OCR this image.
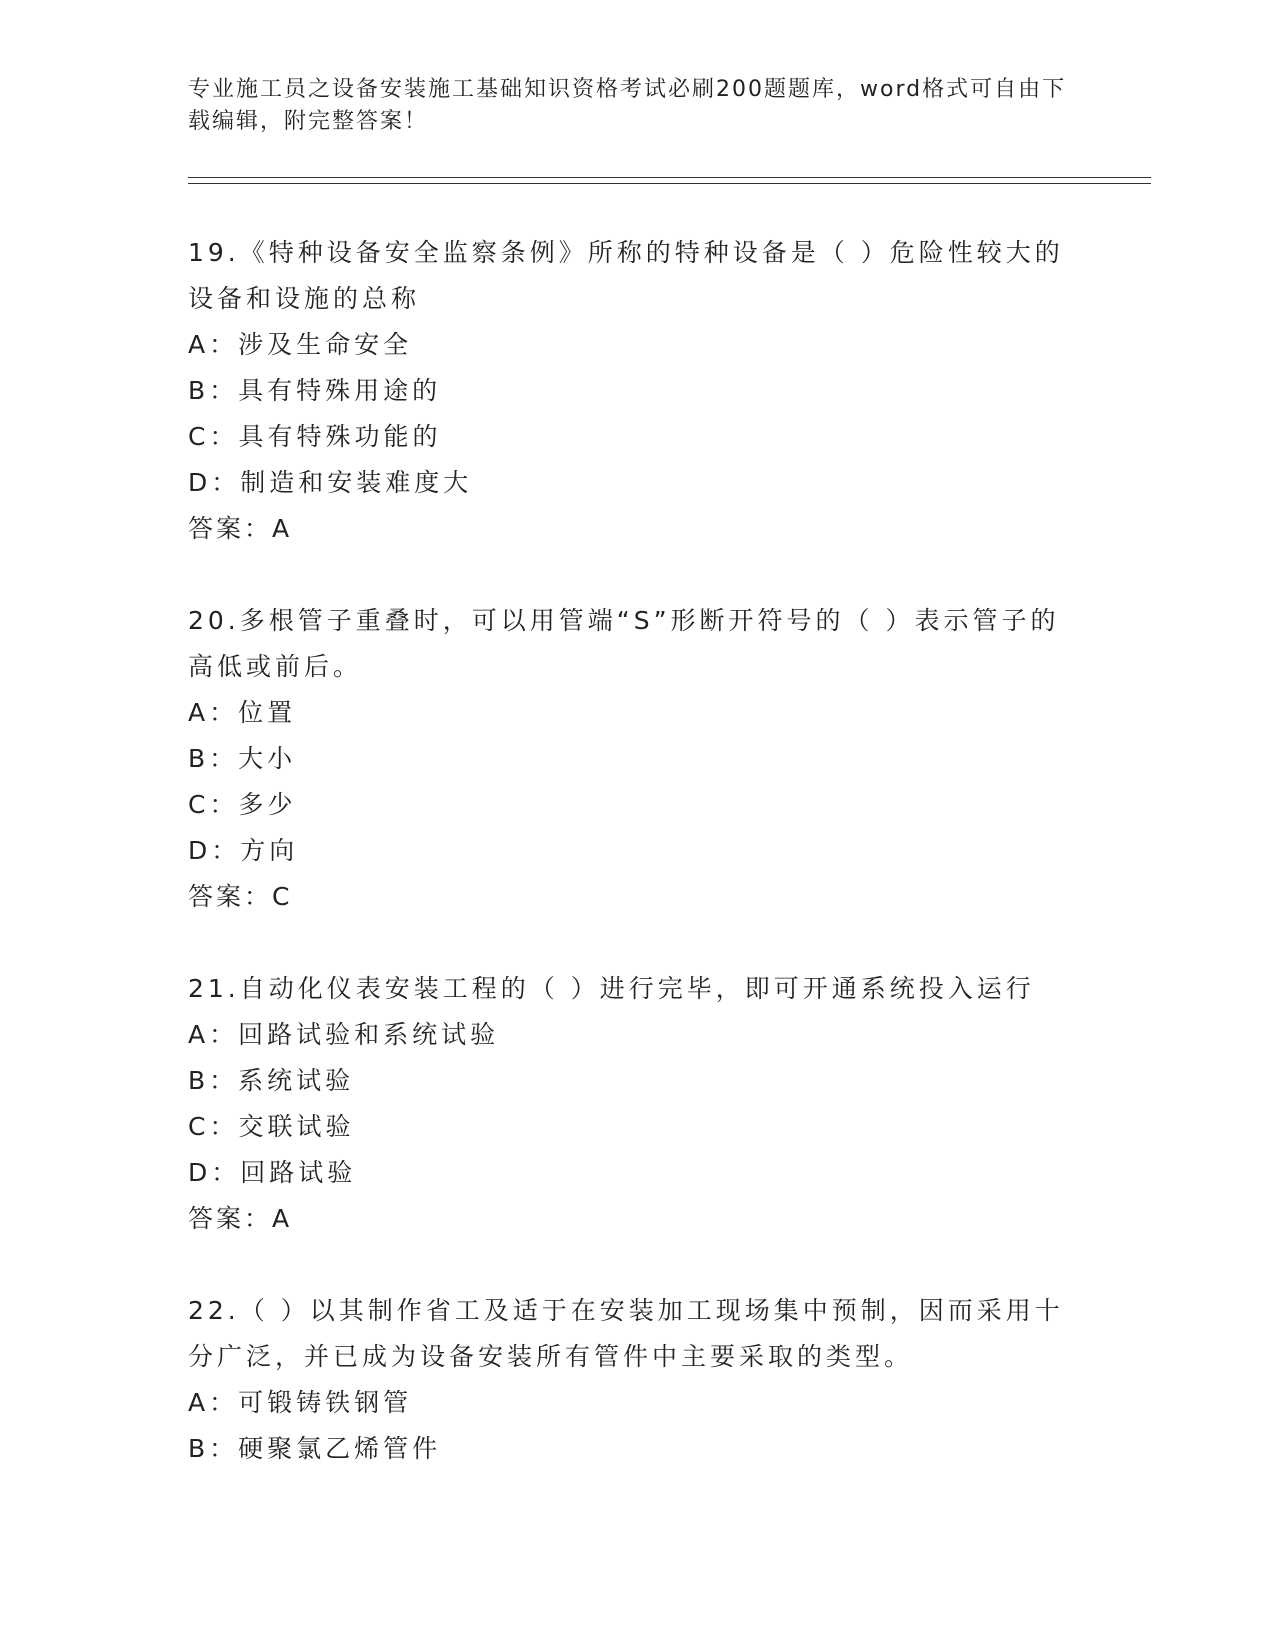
专业施工员之设备安装施工基础知识资格考试必刷200题题库，word格式可自由下载编辑，附完整答案！
19.《特种设备安全监察条例》所称的特种设备是（ ）危险性较大的设备和设施的总称
A：涉及生命安全
B：具有特殊用途的
C：具有特殊功能的
D：制造和安装难度大
答案：A
20.多根管子重叠时，可以用管端“S”形断开符号的（ ）表示管子的高低或前后。
A：位置
B：大小
C：多少
D：方向
答案：C
21.自动化仪表安装工程的（ ）进行完毕，即可开通系统投入运行
A：回路试验和系统试验
B：系统试验
C：交联试验
D：回路试验
答案：A
22.（ ）以其制作省工及适于在安装加工现场集中预制，因而采用十分广泛，并已成为设备安装所有管件中主要采取的类型。
A：可锻铸铁钢管
B：硬聚氯乙烯管件
